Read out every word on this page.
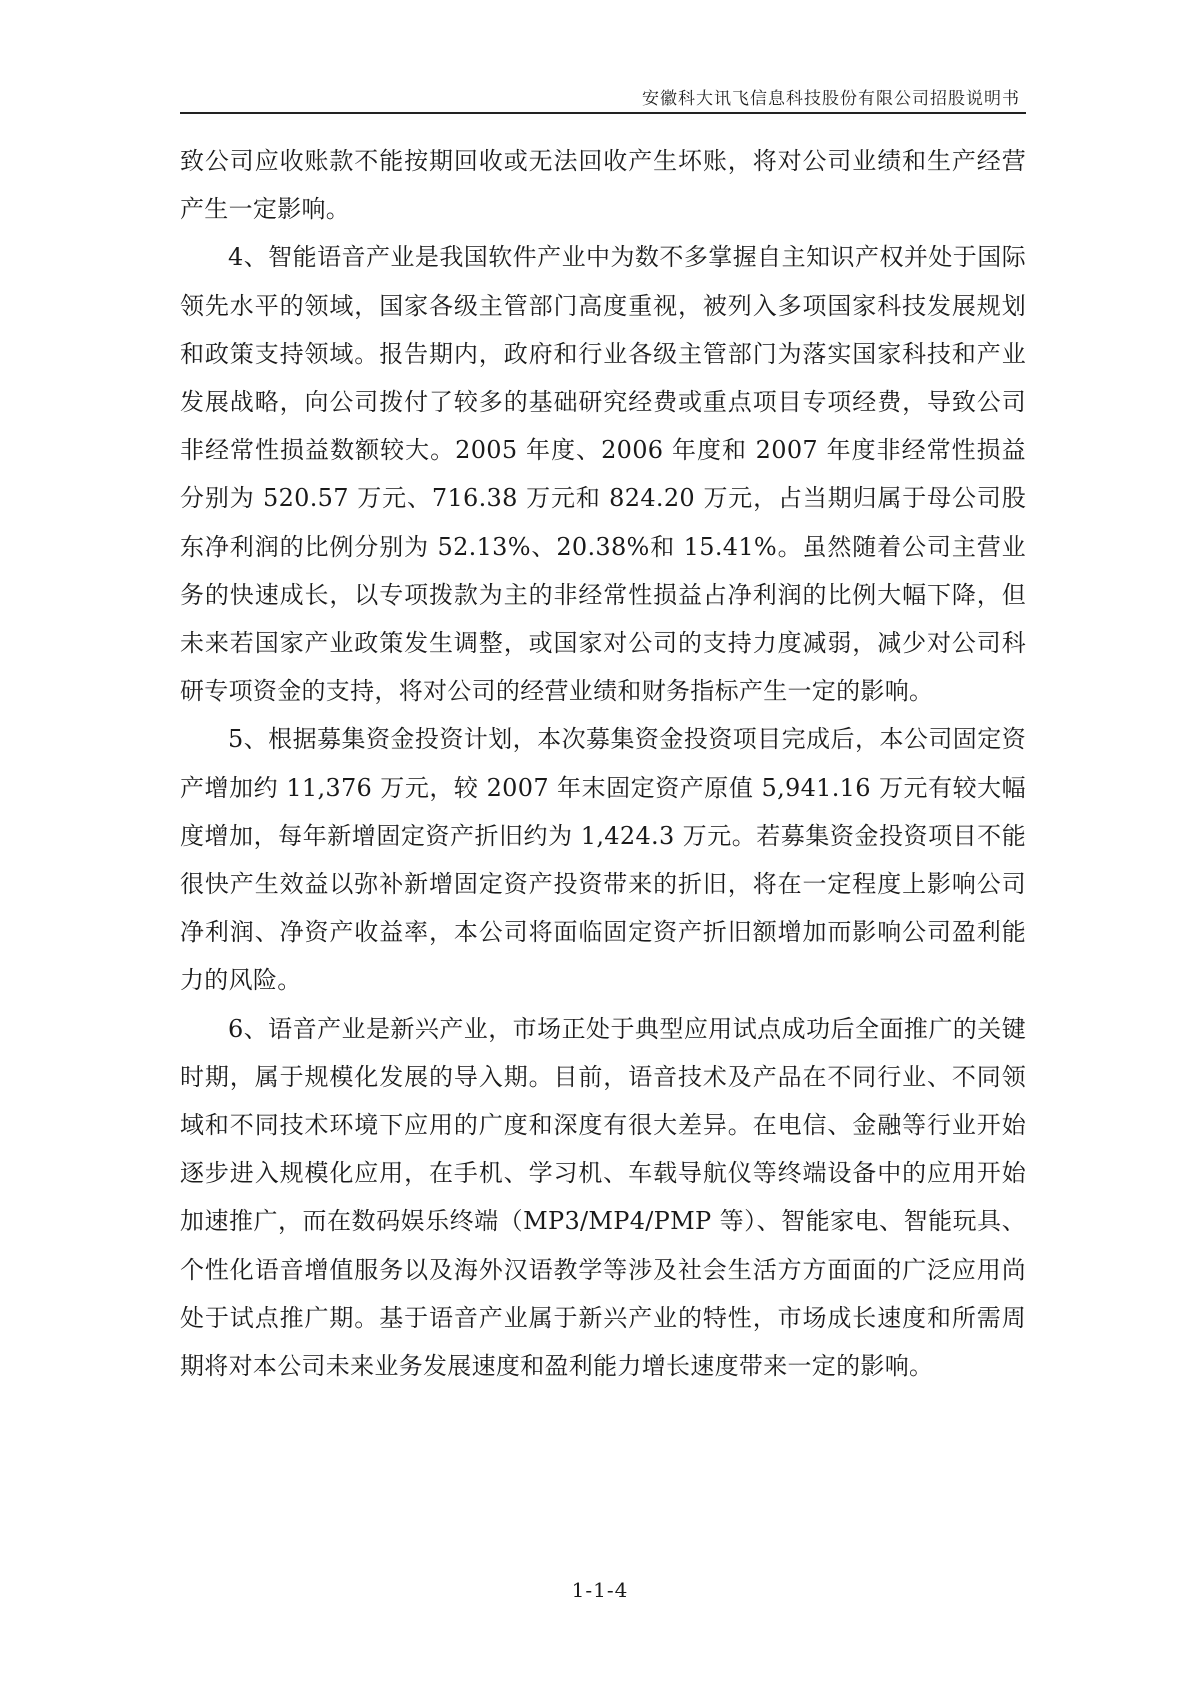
安徽科大讯飞信息科技股份有限公司招股说明书

致公司应收账款不能按期回收或无法回收产生坏账，将对公司业绩和生产经营产生一定影响。

4、智能语音产业是我国软件产业中为数不多掌握自主知识产权并处于国际领先水平的领域，国家各级主管部门高度重视，被列入多项国家科技发展规划和政策支持领域。报告期内，政府和行业各级主管部门为落实国家科技和产业发展战略，向公司拨付了较多的基础研究经费或重点项目专项经费，导致公司非经常性损益数额较大。2005 年度、2006 年度和 2007 年度非经常性损益分别为 520.57 万元、716.38 万元和 824.20 万元，占当期归属于母公司股东净利润的比例分别为 52.13%、20.38%和 15.41%。虽然随着公司主营业务的快速成长，以专项拨款为主的非经常性损益占净利润的比例大幅下降，但未来若国家产业政策发生调整，或国家对公司的支持力度减弱，减少对公司科研专项资金的支持，将对公司的经营业绩和财务指标产生一定的影响。

5、根据募集资金投资计划，本次募集资金投资项目完成后，本公司固定资产增加约 11,376 万元，较 2007 年末固定资产原值 5,941.16 万元有较大幅度增加，每年新增固定资产折旧约为 1,424.3 万元。若募集资金投资项目不能很快产生效益以弥补新增固定资产投资带来的折旧，将在一定程度上影响公司净利润、净资产收益率，本公司将面临固定资产折旧额增加而影响公司盈利能力的风险。

6、语音产业是新兴产业，市场正处于典型应用试点成功后全面推广的关键时期，属于规模化发展的导入期。目前，语音技术及产品在不同行业、不同领域和不同技术环境下应用的广度和深度有很大差异。在电信、金融等行业开始逐步进入规模化应用，在手机、学习机、车载导航仪等终端设备中的应用开始加速推广，而在数码娱乐终端（MP3/MP4/PMP 等）、智能家电、智能玩具、个性化语音增值服务以及海外汉语教学等涉及社会生活方方面面的广泛应用尚处于试点推广期。基于语音产业属于新兴产业的特性，市场成长速度和所需周期将对本公司未来业务发展速度和盈利能力增长速度带来一定的影响。

1-1-4
